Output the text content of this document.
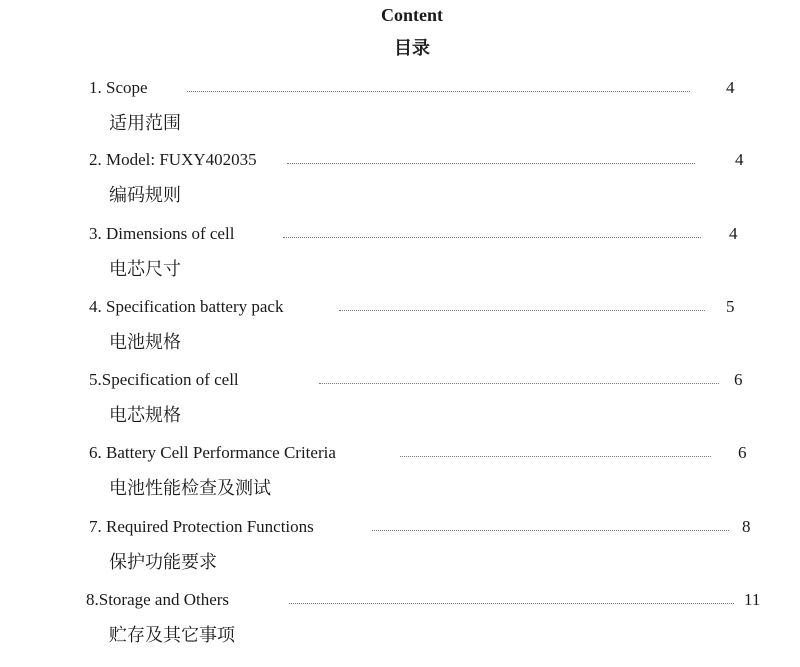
Content
目录
1. Scope	4
适用范围
2. Model: FUXY402035	4
编码规则
3. Dimensions of cell	4
电芯尺寸
4. Specification battery pack	5
电池规格
5.Specification of cell	6
电芯规格
6. Battery Cell Performance Criteria	6
电池性能检查及测试
7. Required Protection Functions	8
保护功能要求
8.Storage and Others	11
贮存及其它事项
